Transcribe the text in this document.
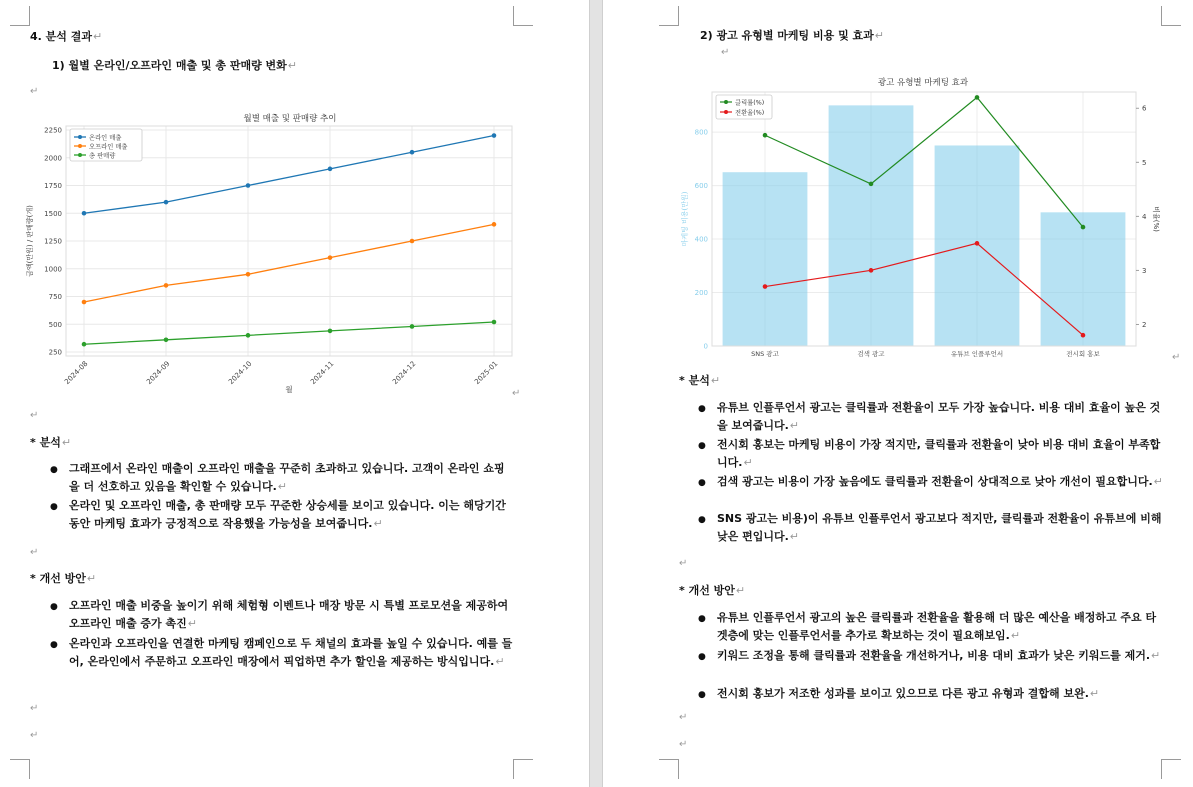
4. 분석 결과↵
1) 월별 온라인/오프라인 매출 및 총 판매량 변화↵
↵
월별 매출 및 판매량 추이
250
500
750
1000
1250
1500
1750
2000
2250
2024-08	2024-09	2024-10	2024-11	2024-12	2025-01
금액(만원) / 판매량(개)
월
온라인 매출
오프라인 매출
총 판매량
↵
↵
* 분석↵
● 그래프에서 온라인 매출이 오프라인 매출을 꾸준히 초과하고 있습니다. 고객이 온라인 쇼핑을 더 선호하고 있음을 확인할 수 있습니다.↵
● 온라인 및 오프라인 매출, 총 판매량 모두 꾸준한 상승세를 보이고 있습니다. 이는 해당기간 동안 마케팅 효과가 긍정적으로 작용했을 가능성을 보여줍니다.↵
↵
* 개선 방안↵
● 오프라인 매출 비중을 높이기 위해 체험형 이벤트나 매장 방문 시 특별 프로모션을 제공하여 오프라인 매출 증가 촉진↵
● 온라인과 오프라인을 연결한 마케팅 캠페인으로 두 채널의 효과를 높일 수 있습니다. 예를 들어, 온라인에서 주문하고 오프라인 매장에서 픽업하면 추가 할인을 제공하는 방식입니다.↵
↵
↵
2) 광고 유형별 마케팅 비용 및 효과↵
↵
광고 유형별 마케팅 효과
0
200
400
600
800
2
3
4
5
6
SNS 광고	검색 광고	유튜브 인플루언서	전시회 홍보
마케팅 비용(만원)	비율(%)
클릭률(%)
전환율(%)
↵
* 분석↵
● 유튜브 인플루언서 광고는 클릭률과 전환율이 모두 가장 높습니다. 비용 대비 효율이 높은 것을 보여줍니다.↵
● 전시회 홍보는 마케팅 비용이 가장 적지만, 클릭률과 전환율이 낮아 비용 대비 효율이 부족합니다.↵
● 검색 광고는 비용이 가장 높음에도 클릭률과 전환율이 상대적으로 낮아 개선이 필요합니다.↵
● SNS 광고는 비용)이 유튜브 인플루언서 광고보다 적지만, 클릭률과 전환율이 유튜브에 비해 낮은 편입니다.↵
↵
* 개선 방안↵
● 유튜브 인플루언서 광고의 높은 클릭률과 전환율을 활용해 더 많은 예산을 배정하고 주요 타겟층에 맞는 인플루언서를 추가로 확보하는 것이 필요해보임.↵
● 키워드 조정을 통해 클릭률과 전환율을 개선하거나, 비용 대비 효과가 낮은 키워드를 제거.↵
● 전시회 홍보가 저조한 성과를 보이고 있으므로 다른 광고 유형과 결합해 보완.↵
↵
↵
